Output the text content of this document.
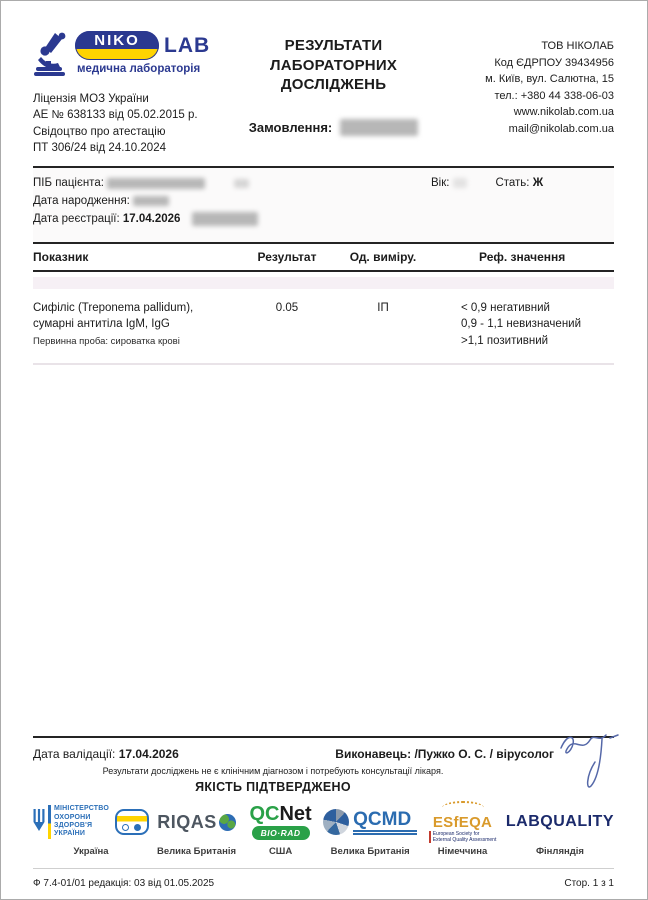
NIKO LAB
медична лабораторія
Ліцензія МОЗ України
АЕ № 638133 від 05.02.2015 р.
Свідоцтво про атестацію
ПТ 306/24 від 24.10.2024
РЕЗУЛЬТАТИ ЛАБОРАТОРНИХ
ДОСЛІДЖЕНЬ
Замовлення:
ТОВ НІКОЛАБ
Код ЄДРПОУ 39434956
м. Київ, вул. Салютна, 15
тел.: +380 44 338-06-03
www.nikolab.com.ua
mail@nikolab.com.ua
ПІБ пацієнта:
Дата народження:
Дата реєстрації: 17.04.2026
Вік:	Стать: Ж
Показник	Результат	Од. виміру.	Реф. значення
Сифіліс (Treponema pallidum),
сумарні антитіла IgM, IgG
Первинна проба: сироватка крові
0.05	ІП	< 0,9 негативний
0,9 - 1,1 невизначений
>1,1 позитивний
Дата валідації: 17.04.2026	Виконавець: /Пужко О. С. / вірусолог
Результати досліджень не є клінічним діагнозом і потребують консультації лікаря.
ЯКІСТЬ ПІДТВЕРДЖЕНО
МІНІСТЕРСТВО
ОХОРОНИ
ЗДОРОВ'Я
УКРАЇНИ
Україна
RIQAS
Велика Британія
QCNet
BIO·RAD
США
QCMD
Велика Британія
ESfEQA
European Society for
External Quality Assessment
Німеччина
LABQUALITY
Фінляндія
Ф 7.4-01/01 редакція: 03 від 01.05.2025	Стор. 1 з 1
